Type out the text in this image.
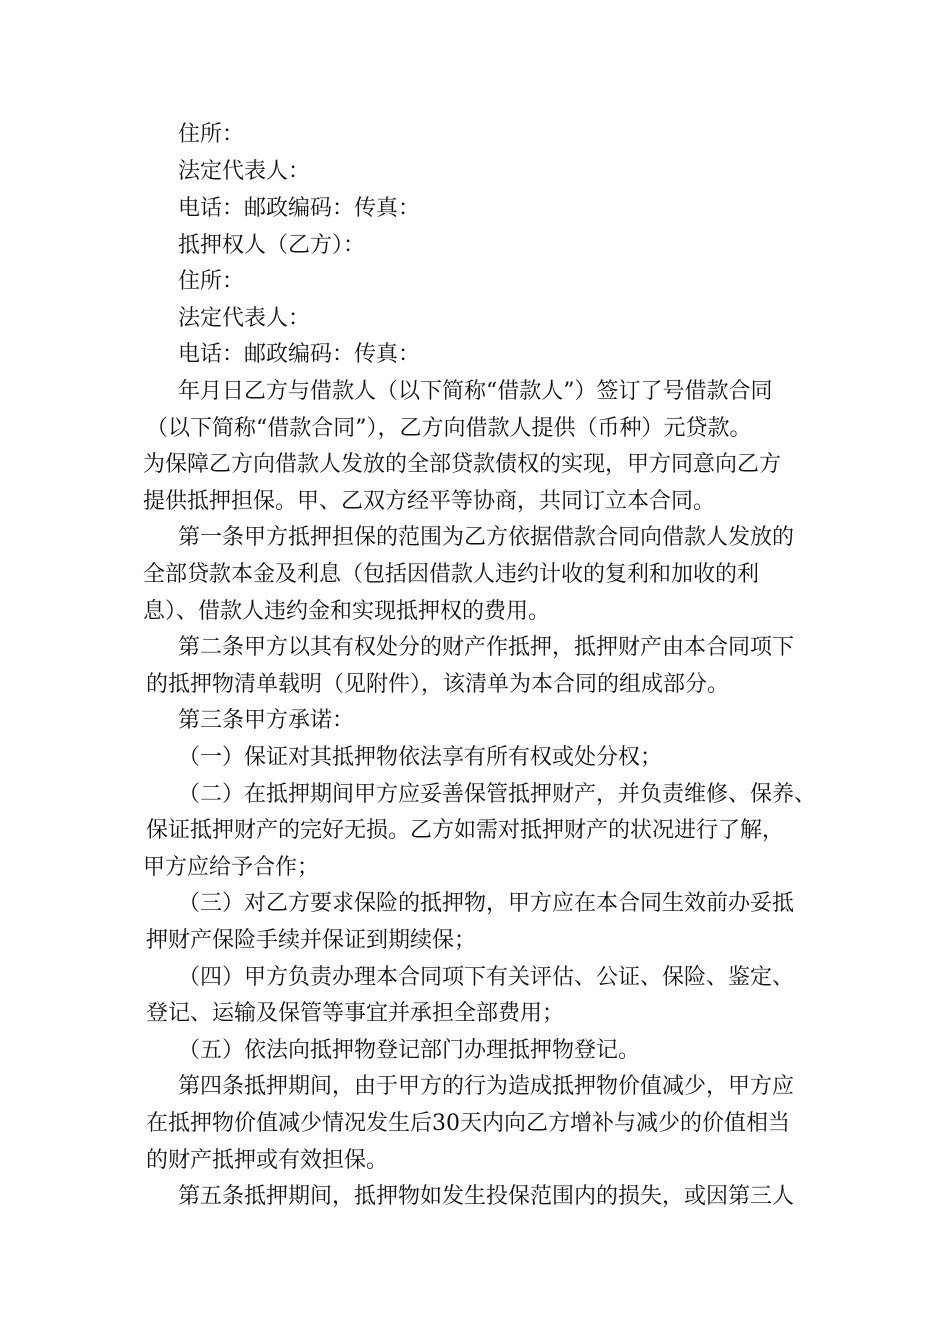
住所：
法定代表人：
电话：邮政编码：传真：
抵押权人（乙方）：
住所：
法定代表人：
电话：邮政编码：传真：
年月日乙方与借款人（以下简称“借款人”）签订了号借款合同
（以下简称“借款合同”），乙方向借款人提供（币种）元贷款。
为保障乙方向借款人发放的全部贷款债权的实现，甲方同意向乙方
提供抵押担保。甲、乙双方经平等协商，共同订立本合同。
第一条甲方抵押担保的范围为乙方依据借款合同向借款人发放的
全部贷款本金及利息（包括因借款人违约计收的复利和加收的利
息）、借款人违约金和实现抵押权的费用。
第二条甲方以其有权处分的财产作抵押，抵押财产由本合同项下
的抵押物清单载明（见附件），该清单为本合同的组成部分。
第三条甲方承诺：
（一）保证对其抵押物依法享有所有权或处分权；
（二）在抵押期间甲方应妥善保管抵押财产，并负责维修、保养、
保证抵押财产的完好无损。乙方如需对抵押财产的状况进行了解，
甲方应给予合作；
（三）对乙方要求保险的抵押物，甲方应在本合同生效前办妥抵
押财产保险手续并保证到期续保；
（四）甲方负责办理本合同项下有关评估、公证、保险、鉴定、
登记、运输及保管等事宜并承担全部费用；
（五）依法向抵押物登记部门办理抵押物登记。
第四条抵押期间，由于甲方的行为造成抵押物价值减少，甲方应
在抵押物价值减少情况发生后30天内向乙方增补与减少的价值相当
的财产抵押或有效担保。
第五条抵押期间，抵押物如发生投保范围内的损失，或因第三人
